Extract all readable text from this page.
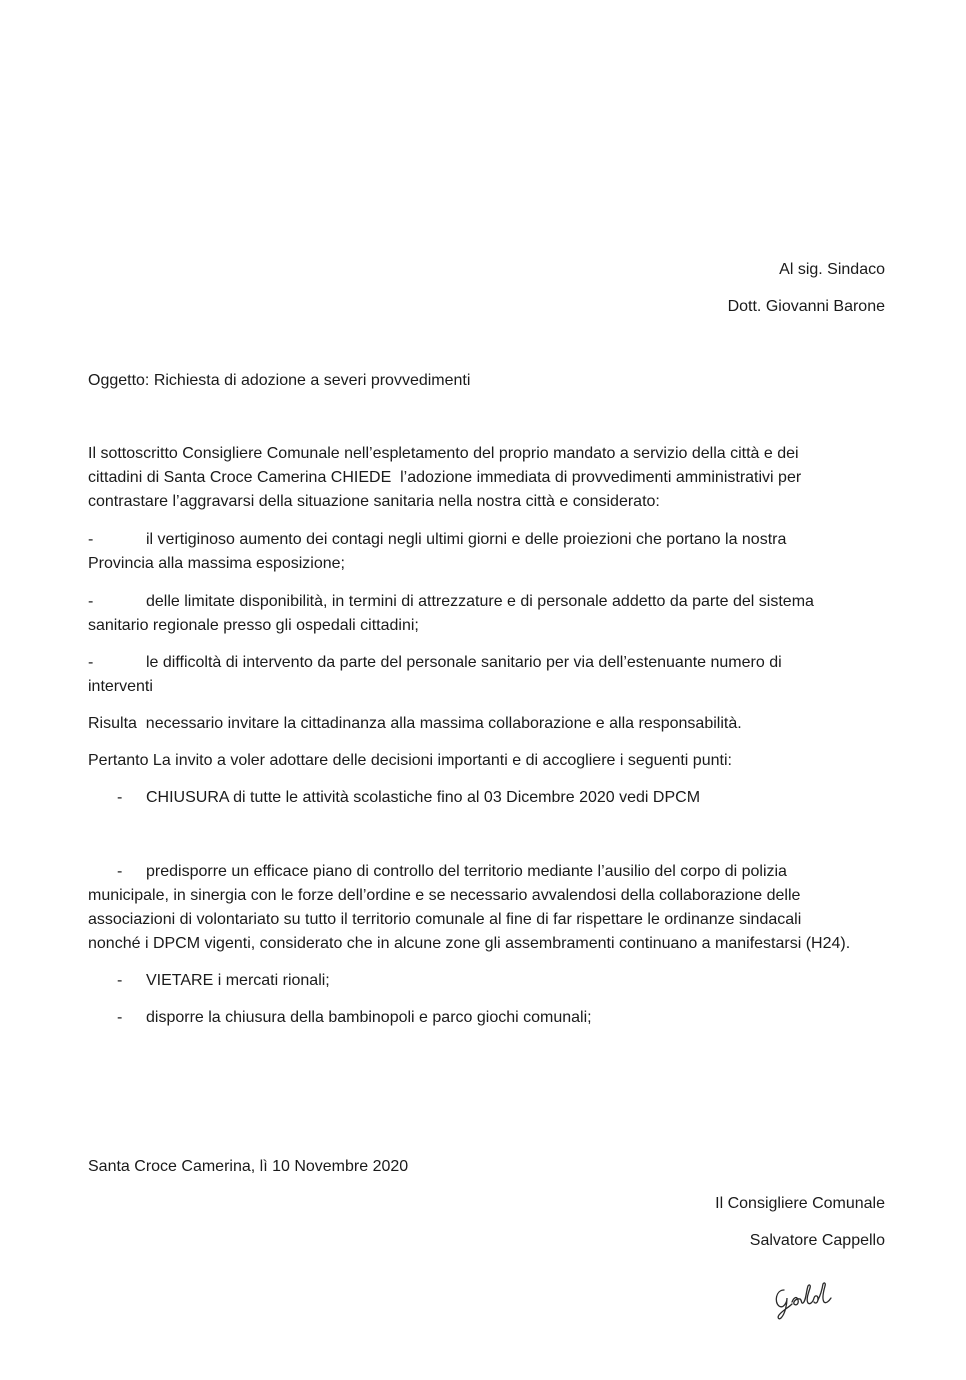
Al sig. Sindaco
Dott. Giovanni Barone
Oggetto: Richiesta di adozione a severi provvedimenti
Il sottoscritto Consigliere Comunale nell’espletamento del proprio mandato a servizio della città e dei
cittadini di Santa Croce Camerina CHIEDE  l’adozione immediata di provvedimenti amministrativi per
contrastare l’aggravarsi della situazione sanitaria nella nostra città e considerato:
-	il vertiginoso aumento dei contagi negli ultimi giorni e delle proiezioni che portano la nostra
Provincia alla massima esposizione;
-	delle limitate disponibilità, in termini di attrezzature e di personale addetto da parte del sistema
sanitario regionale presso gli ospedali cittadini;
-	le difficoltà di intervento da parte del personale sanitario per via dell’estenuante numero di
interventi
Risulta  necessario invitare la cittadinanza alla massima collaborazione e alla responsabilità.
Pertanto La invito a voler adottare delle decisioni importanti e di accogliere i seguenti punti:
- CHIUSURA di tutte le attività scolastiche fino al 03 Dicembre 2020 vedi DPCM
- predisporre un efficace piano di controllo del territorio mediante l’ausilio del corpo di polizia
municipale, in sinergia con le forze dell’ordine e se necessario avvalendosi della collaborazione delle
associazioni di volontariato su tutto il territorio comunale al fine di far rispettare le ordinanze sindacali
nonché i DPCM vigenti, considerato che in alcune zone gli assembramenti continuano a manifestarsi (H24).
- VIETARE i mercati rionali;
- disporre la chiusura della bambinopoli e parco giochi comunali;
Santa Croce Camerina, lì 10 Novembre 2020
Il Consigliere Comunale
Salvatore Cappello
